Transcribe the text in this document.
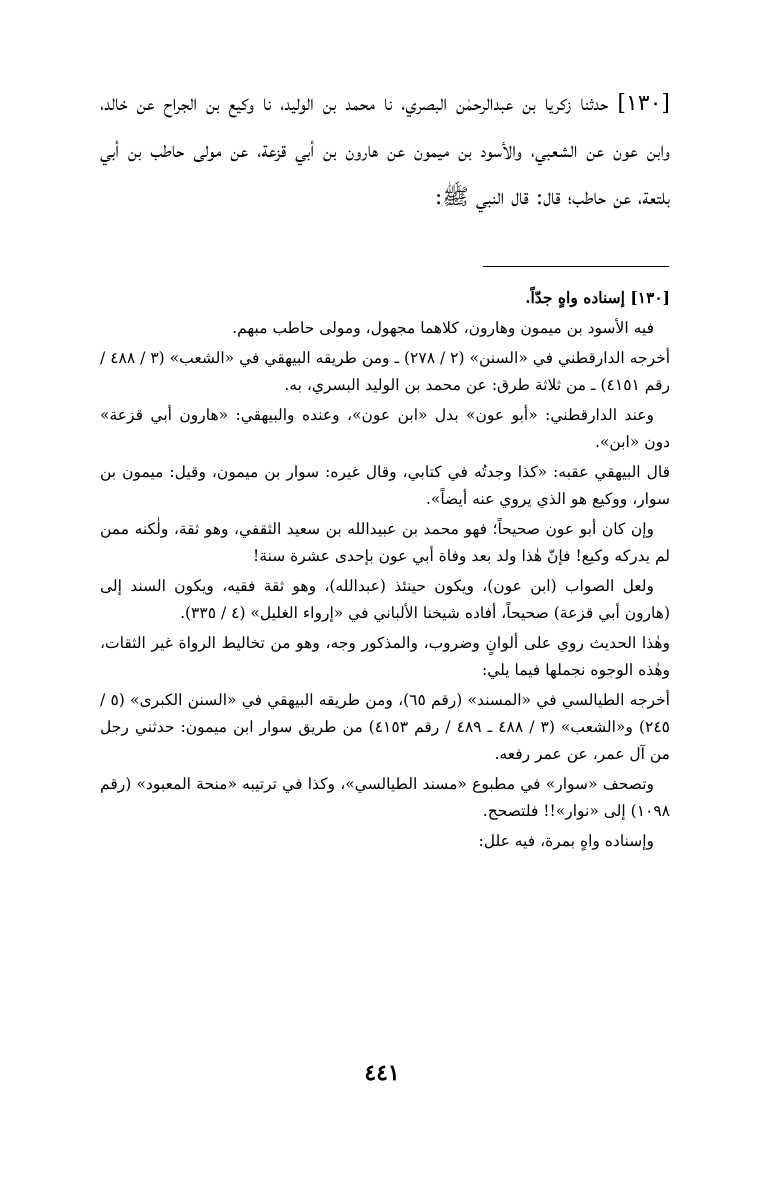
[١٣٠] حدثنا زكريا بن عبدالرحمٰن البصري، نا محمد بن الوليد، نا وكيع بن الجراح عن خالد، وابن عون عن الشعبي، والأسود بن ميمون عن هارون بن أبي قزعة، عن مولى حاطب بن أبي بلتعة، عن حاطب؛ قال: قال النبي ﷺ:

[١٣٠] إسناده واهٍ جدّاً.

فيه الأسود بن ميمون وهارون، كلاهما مجهول، ومولى حاطب مبهم.

أخرجه الدارقطني في «السنن» (٢ / ٢٧٨) ـ ومن طريقه البيهقي في «الشعب» (٣ / ٤٨٨ / رقم ٤١٥١) ـ من ثلاثة طرق: عن محمد بن الوليد البسري، به.

وعند الدارقطني: «أبو عون» بدل «ابن عون»، وعنده والبيهقي: «هارون أبي قزعة» دون «ابن».

قال البيهقي عقبه: «كذا وجدتُه في كتابي، وقال غيره: سوار بن ميمون، وقيل: ميمون بن سوار، ووكيع هو الذي يروي عنه أيضاً».

وإن كان أبو عون صحيحاً؛ فهو محمد بن عبيدالله بن سعيد الثقفي، وهو ثقة، ولٰكنه ممن لم يدركه وكيع! فإنّ هٰذا ولد بعد وفاة أبي عون بإحدى عشرة سنة!

ولعل الصواب (ابن عون)، ويكون حينئذ (عبدالله)، وهو ثقة فقيه، ويكون السند إلى (هارون أبي قزعة) صحيحاً، أفاده شيخنا الألباني في «إرواء الغليل» (٤ / ٣٣٥).

وهٰذا الحديث روي على ألوانٍ وضروب، والمذكور وجه، وهو من تخاليط الرواة غير الثقات، وهٰذه الوجوه نجملها فيما يلي:

أخرجه الطيالسي في «المسند» (رقم ٦٥)، ومن طريقه البيهقي في «السنن الكبرى» (٥ / ٢٤٥) و«الشعب» (٣ / ٤٨٨ ـ ٤٨٩ / رقم ٤١٥٣) من طريق سوار ابن ميمون: حدثني رجل من آل عمر، عن عمر رفعه.

وتصحف «سوار» في مطبوع «مسند الطيالسي»، وكذا في ترتيبه «منحة المعبود» (رقم ١٠٩٨) إلى «نوار»!! فلتصحح.

وإسناده واهٍ بمرة، فيه علل:

٤٤١
